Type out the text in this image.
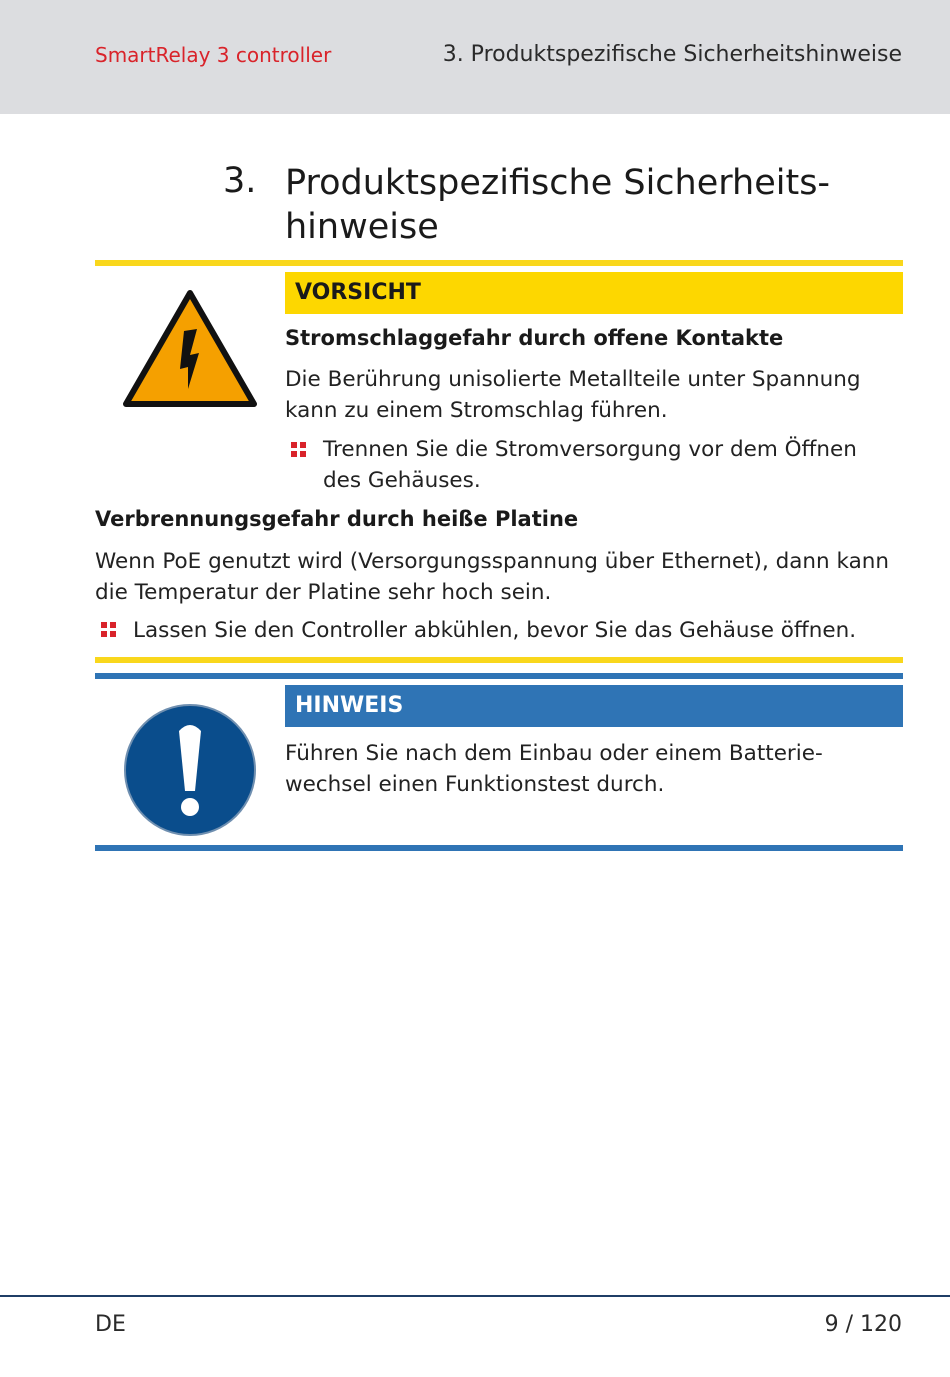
SmartRelay 3 controller	3. Produktspezifische Sicherheitshinweise
3. Produktspezifische Sicherheits-hinweise
VORSICHT
Stromschlaggefahr durch offene Kontakte
Die Berührung unisolierte Metallteile unter Spannung kann zu einem Stromschlag führen.
Trennen Sie die Stromversorgung vor dem Öffnen des Gehäuses.
Verbrennungsgefahr durch heiße Platine
Wenn PoE genutzt wird (Versorgungsspannung über Ethernet), dann kann die Temperatur der Platine sehr hoch sein.
Lassen Sie den Controller abkühlen, bevor Sie das Gehäuse öffnen.
HINWEIS
Führen Sie nach dem Einbau oder einem Batterie-wechsel einen Funktionstest durch.
DE	9 / 120
